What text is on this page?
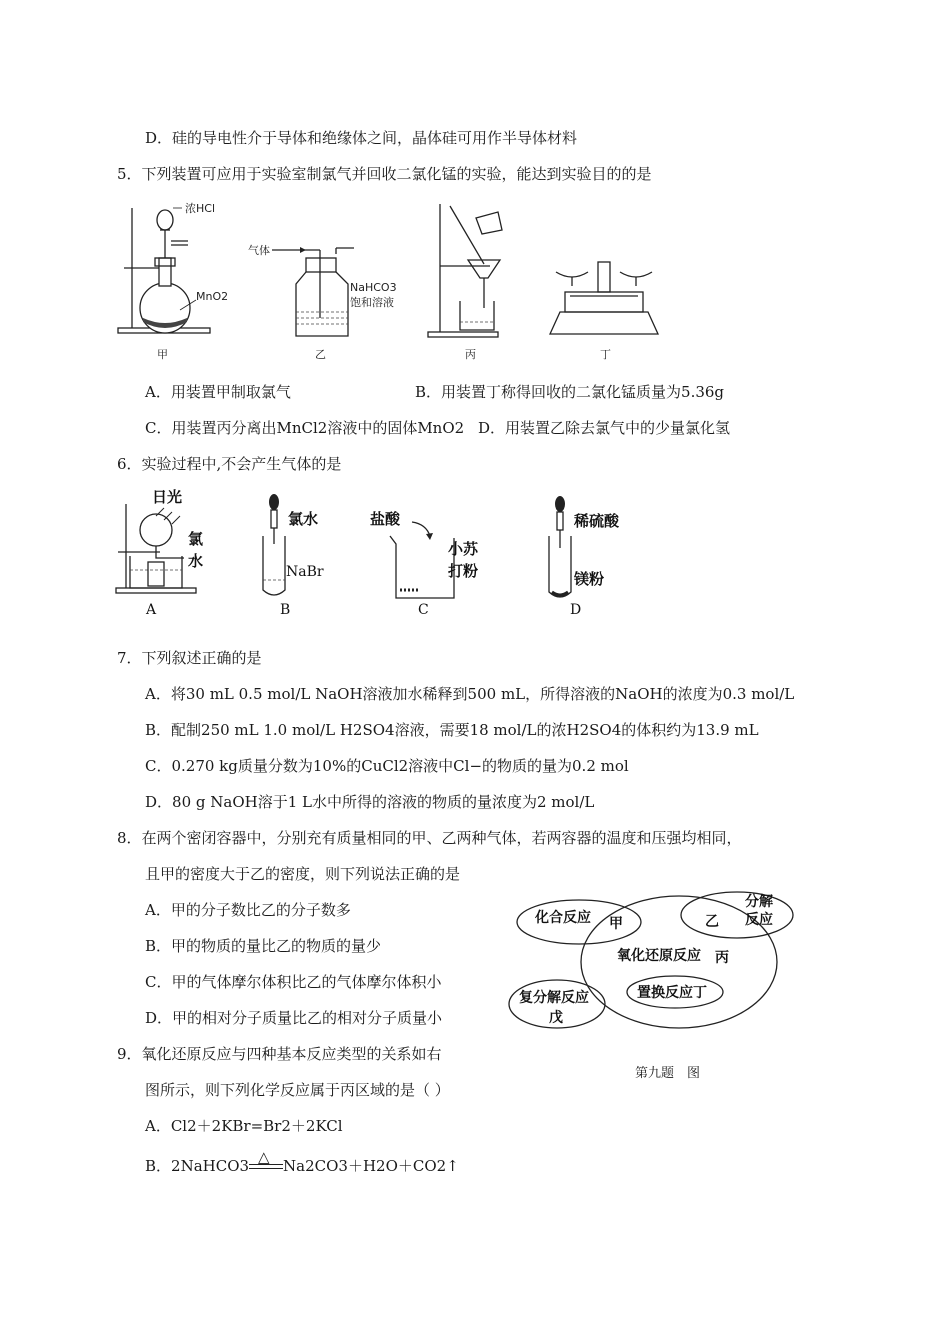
D．硅的导电性介于导体和绝缘体之间，晶体硅可用作半导体材料
5．下列装置可应用于实验室制氯气并回收二氯化锰的实验，能达到实验目的的是
浓HCl
MnO2
甲
气体
NaHCO3
饱和溶液
乙	丙	丁
A．用装置甲制取氯气	B．用装置丁称得回收的二氯化锰质量为5.36g
C．用装置丙分离出MnCl2溶液中的固体MnO2 D．用装置乙除去氯气中的少量氯化氢
6．实验过程中,不会产生气体的是
日光
氯
水
A
氯水
NaBr
B
盐酸
小苏
打粉
C
稀硫酸
镁粉
D
7．下列叙述正确的是
A．将30 mL 0.5 mol/L NaOH溶液加水稀释到500 mL，所得溶液的NaOH的浓度为0.3 mol/L
B．配制250 mL 1.0 mol/L H2SO4溶液，需要18 mol/L的浓H2SO4的体积约为13.9 mL
C．0.270 kg质量分数为10%的CuCl2溶液中Cl−的物质的量为0.2 mol
D．80 g NaOH溶于1 L水中所得的溶液的物质的量浓度为2 mol/L
8．在两个密闭容器中，分别充有质量相同的甲、乙两种气体，若两容器的温度和压强均相同，
且甲的密度大于乙的密度，则下列说法正确的是
A．甲的分子数比乙的分子数多
B．甲的物质的量比乙的物质的量少
C．甲的气体摩尔体积比乙的气体摩尔体积小
D．甲的相对分子质量比乙的相对分子质量小
9．氧化还原反应与四种基本反应类型的关系如右
图所示，则下列化学反应属于丙区域的是（ ）
A．Cl2＋2KBr=Br2＋2KCl
B．2NaHCO3 △ Na2CO3＋H2O＋CO2↑
化合反应 甲
分解
反应
乙
氧化还原反应 丙
置换反应丁
复分解反应
戊
第九题　图
